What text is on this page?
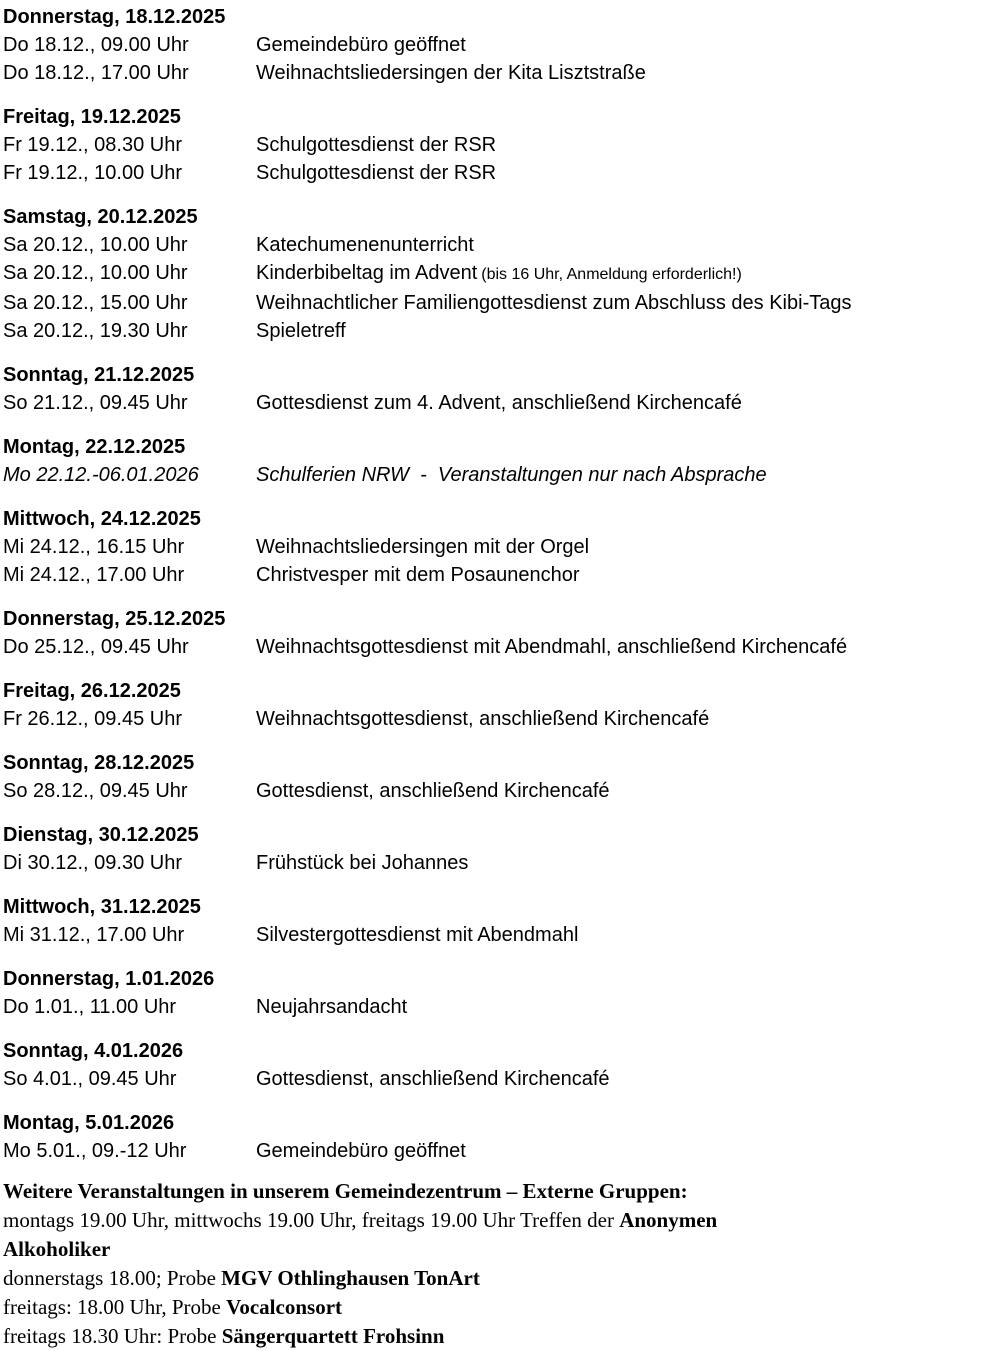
Donnerstag, 18.12.2025
Do 18.12., 09.00 Uhr	Gemeindebüro geöffnet
Do 18.12., 17.00 Uhr	Weihnachtsliedersingen der Kita Lisztstraße
Freitag, 19.12.2025
Fr 19.12., 08.30 Uhr	Schulgottesdienst der RSR
Fr 19.12., 10.00 Uhr	Schulgottesdienst der RSR
Samstag, 20.12.2025
Sa 20.12., 10.00 Uhr	Katechumenenunterricht
Sa 20.12., 10.00 Uhr	Kinderbibeltag im Advent (bis 16 Uhr, Anmeldung erforderlich!)
Sa 20.12., 15.00 Uhr	Weihnachtlicher Familiengottesdienst zum Abschluss des Kibi-Tags
Sa 20.12., 19.30 Uhr	Spieletreff
Sonntag, 21.12.2025
So 21.12., 09.45 Uhr	Gottesdienst zum 4. Advent, anschließend Kirchencafé
Montag, 22.12.2025
Mo 22.12.-06.01.2026	Schulferien NRW  -  Veranstaltungen nur nach Absprache
Mittwoch, 24.12.2025
Mi 24.12., 16.15 Uhr	Weihnachtsliedersingen mit der Orgel
Mi 24.12., 17.00 Uhr	Christvesper mit dem Posaunenchor
Donnerstag, 25.12.2025
Do 25.12., 09.45 Uhr	Weihnachtsgottesdienst mit Abendmahl, anschließend Kirchencafé
Freitag, 26.12.2025
Fr 26.12., 09.45 Uhr	Weihnachtsgottesdienst, anschließend Kirchencafé
Sonntag, 28.12.2025
So 28.12., 09.45 Uhr	Gottesdienst, anschließend Kirchencafé
Dienstag, 30.12.2025
Di 30.12., 09.30 Uhr	Frühstück bei Johannes
Mittwoch, 31.12.2025
Mi 31.12., 17.00 Uhr	Silvestergottesdienst mit Abendmahl
Donnerstag, 1.01.2026
Do 1.01., 11.00 Uhr	Neujahrsandacht
Sonntag, 4.01.2026
So 4.01., 09.45 Uhr	Gottesdienst, anschließend Kirchencafé
Montag, 5.01.2026
Mo 5.01., 09.-12 Uhr	Gemeindebüro geöffnet
Weitere Veranstaltungen in unserem Gemeindezentrum – Externe Gruppen:
montags 19.00 Uhr, mittwochs 19.00 Uhr, freitags 19.00 Uhr Treffen der Anonymen
Alkoholiker
donnerstags 18.00; Probe MGV Othlinghausen TonArt
freitags: 18.00 Uhr, Probe Vocalconsort
freitags 18.30 Uhr: Probe Sängerquartett Frohsinn
